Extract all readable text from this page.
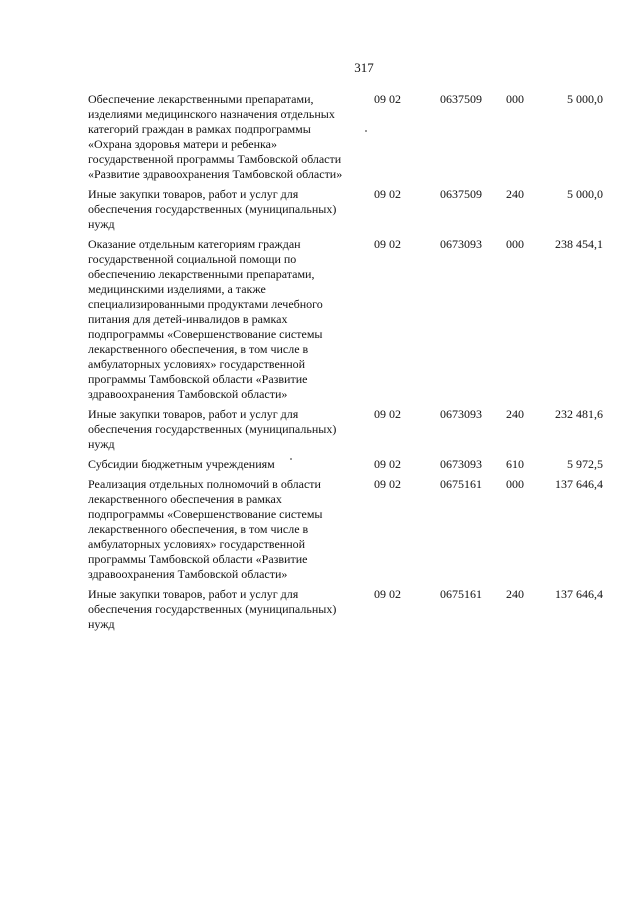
317
Обеспечение лекарственными препаратами, изделиями медицинского назначения отдельных категорий граждан в рамках подпрограммы «Охрана здоровья матери и ребенка» государственной программы Тамбовской области «Развитие здравоохранения Тамбовской области»	09 02	0637509	000	5 000,0
Иные закупки товаров, работ и услуг для обеспечения государственных (муниципальных) нужд	09 02	0637509	240	5 000,0
Оказание отдельным категориям граждан государственной социальной помощи по обеспечению лекарственными препаратами, медицинскими изделиями, а также специализированными продуктами лечебного питания для детей-инвалидов в рамках подпрограммы «Совершенствование системы лекарственного обеспечения, в том числе в амбулаторных условиях» государственной программы Тамбовской области «Развитие здравоохранения Тамбовской области»	09 02	0673093	000	238 454,1
Иные закупки товаров, работ и услуг для обеспечения государственных (муниципальных) нужд	09 02	0673093	240	232 481,6
Субсидии бюджетным учреждениям	09 02	0673093	610	5 972,5
Реализация отдельных полномочий в области лекарственного обеспечения в рамках подпрограммы «Совершенствование системы лекарственного обеспечения, в том числе в амбулаторных условиях» государственной программы Тамбовской области «Развитие здравоохранения Тамбовской области»	09 02	0675161	000	137 646,4
Иные закупки товаров, работ и услуг для обеспечения государственных (муниципальных) нужд	09 02	0675161	240	137 646,4
